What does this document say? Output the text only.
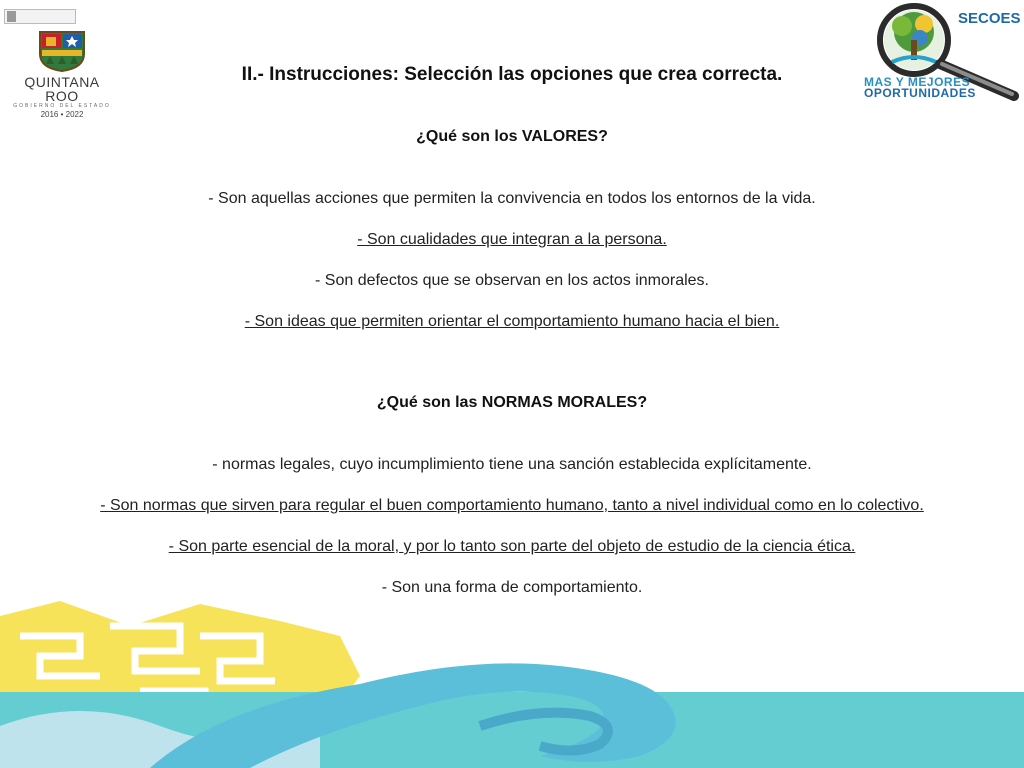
QUINTANA ROO
GOBIERNO DEL ESTADO
2016 • 2022
SECOES
MAS Y MEJORES
OPORTUNIDADES
II.- Instrucciones: Selección las opciones que crea correcta.
¿Qué son los VALORES?
- Son aquellas acciones que permiten la convivencia en todos los entornos de la vida.
- Son cualidades que integran a la persona.
- Son defectos que se observan en los actos inmorales.
- Son ideas que permiten orientar el comportamiento humano hacia el bien.
¿Qué son las NORMAS MORALES?
- normas legales, cuyo incumplimiento tiene una sanción establecida explícitamente.
- Son normas que sirven para regular el buen comportamiento humano, tanto a nivel individual como en lo colectivo.
- Son parte esencial de la moral, y por lo tanto son parte del objeto de estudio de la ciencia ética.
- Son una forma de comportamiento.
